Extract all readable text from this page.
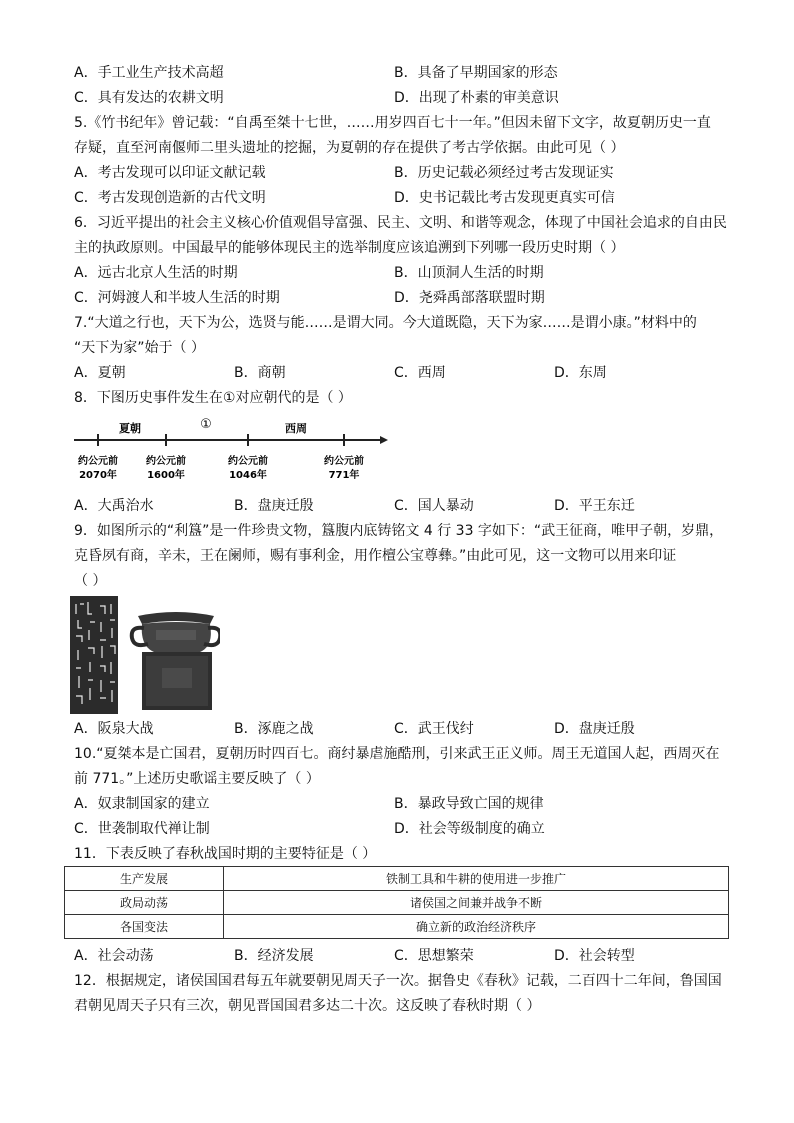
A．手工业生产技术高超	B．具备了早期国家的形态
C．具有发达的农耕文明	D．出现了朴素的审美意识
5.《竹书纪年》曾记载：“自禹至桀十七世，……用岁四百七十一年。”但因未留下文字，故夏朝历史一直
存疑，直至河南偃师二里头遗址的挖掘，为夏朝的存在提供了考古学依据。由此可见（ ）
A．考古发现可以印证文献记载	B．历史记载必须经过考古发现证实
C．考古发现创造新的古代文明	D．史书记载比考古发现更真实可信
6．习近平提出的社会主义核心价值观倡导富强、民主、文明、和谐等观念，体现了中国社会追求的自由民
主的执政原则。中国最早的能够体现民主的选举制度应该追溯到下列哪一段历史时期（ ）
A．远古北京人生活的时期	B．山顶洞人生活的时期
C．河姆渡人和半坡人生活的时期	D．尧舜禹部落联盟时期
7.“大道之行也，天下为公，选贤与能……是谓大同。今大道既隐，天下为家……是谓小康。”材料中的
“天下为家”始于（ ）
A．夏朝	B．商朝	C．西周	D．东周
8．下图历史事件发生在①对应朝代的是（ ）
夏朝	①	西周
约公元前
2070年
约公元前
1600年
约公元前
1046年
约公元前
771年
A．大禹治水	B．盘庚迁殷	C．国人暴动	D．平王东迁
9．如图所示的“利簋”是一件珍贵文物，簋腹内底铸铭文 4 行 33 字如下：“武王征商，唯甲子朝，岁鼎，
克昏夙有商，辛未，王在阑师，赐有事利金，用作檀公宝尊彝。”由此可见，这一文物可以用来印证
（ ）
A．阪泉大战	B．涿鹿之战	C．武王伐纣	D．盘庚迁殷
10.“夏桀本是亡国君，夏朝历时四百七。商纣暴虐施酷刑，引来武王正义师。周王无道国人起，西周灭在
前 771。”上述历史歌谣主要反映了（ ）
A．奴隶制国家的建立	B．暴政导致亡国的规律
C．世袭制取代禅让制	D．社会等级制度的确立
11．下表反映了春秋战国时期的主要特征是（ ）
生产发展	铁制工具和牛耕的使用进一步推广
政局动荡	诸侯国之间兼并战争不断
各国变法	确立新的政治经济秩序
A．社会动荡	B．经济发展	C．思想繁荣	D．社会转型
12．根据规定，诸侯国国君每五年就要朝见周天子一次。据鲁史《春秋》记载，二百四十二年间，鲁国国
君朝见周天子只有三次，朝见晋国国君多达二十次。这反映了春秋时期（ ）
